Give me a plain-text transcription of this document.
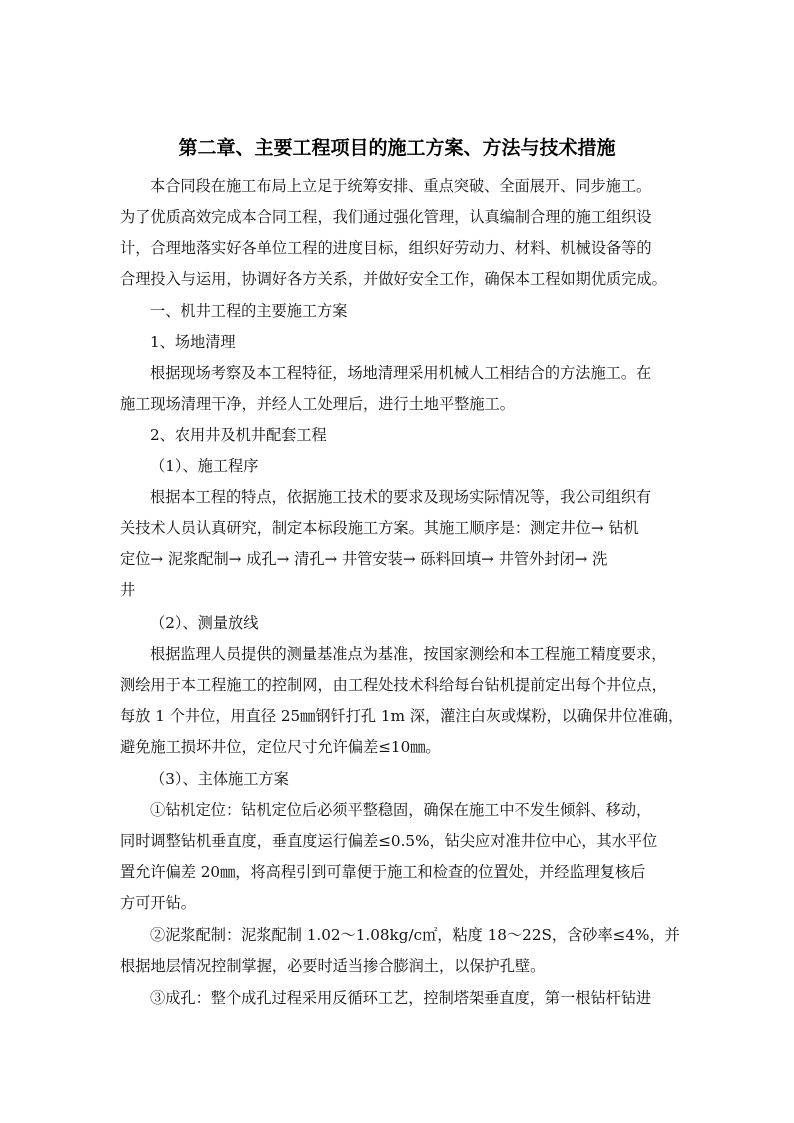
第二章、主要工程项目的施工方案、方法与技术措施
本合同段在施工布局上立足于统筹安排、重点突破、全面展开、同步施工。
为了优质高效完成本合同工程，我们通过强化管理，认真编制合理的施工组织设
计，合理地落实好各单位工程的进度目标，组织好劳动力、材料、机械设备等的
合理投入与运用，协调好各方关系，并做好安全工作，确保本工程如期优质完成。
一、机井工程的主要施工方案
1、场地清理
根据现场考察及本工程特征，场地清理采用机械人工相结合的方法施工。在
施工现场清理干净，并经人工处理后，进行土地平整施工。
2、农用井及机井配套工程
（1）、施工程序
根据本工程的特点，依据施工技术的要求及现场实际情况等，我公司组织有
关技术人员认真研究，制定本标段施工方案。其施工顺序是：测定井位→ 钻机
定位→ 泥浆配制→ 成孔→ 清孔→ 井管安装→ 砾料回填→ 井管外封闭→ 洗
井
（2）、测量放线
根据监理人员提供的测量基准点为基准，按国家测绘和本工程施工精度要求，
测绘用于本工程施工的控制网，由工程处技术科给每台钻机提前定出每个井位点，
每放 1 个井位，用直径 25㎜钢钎打孔 1m 深，灌注白灰或煤粉，以确保井位准确，
避免施工损坏井位，定位尺寸允许偏差≤10㎜。
（3）、主体施工方案
①钻机定位：钻机定位后必须平整稳固，确保在施工中不发生倾斜、移动，
同时调整钻机垂直度，垂直度运行偏差≤0.5%，钻尖应对准井位中心，其水平位
置允许偏差 20㎜，将高程引到可靠便于施工和检查的位置处，并经监理复核后
方可开钻。
②泥浆配制：泥浆配制 1.02～1.08kg/c㎡，粘度 18～22S，含砂率≤4%，并
根据地层情况控制掌握，必要时适当掺合膨润土，以保护孔壁。
③成孔：整个成孔过程采用反循环工艺，控制塔架垂直度，第一根钻杆钻进
